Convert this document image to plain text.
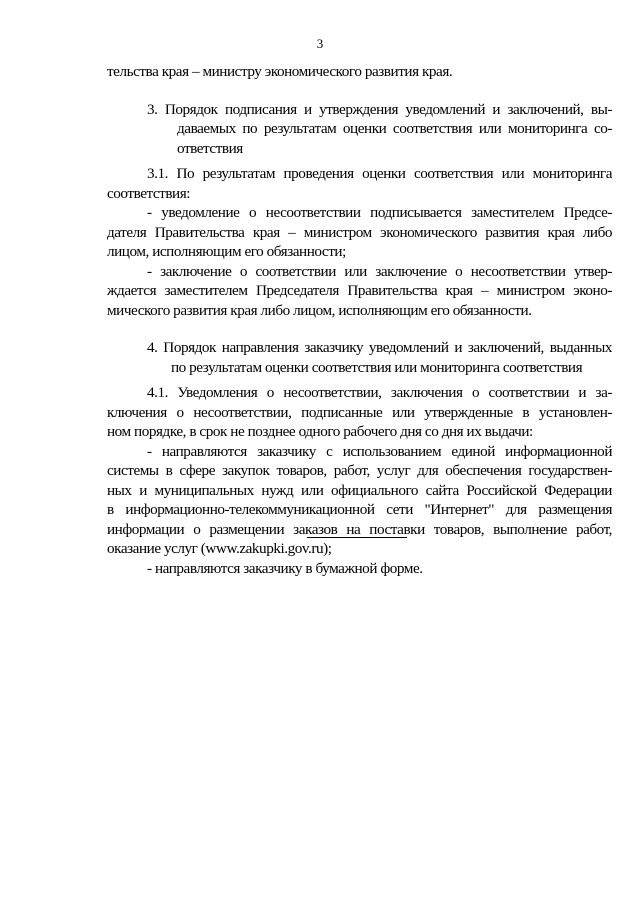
3
тельства края – министру экономического развития края.
3. Порядок подписания и утверждения уведомлений и заключений, вы-
даваемых по результатам оценки соответствия или мониторинга со-
ответствия
3.1. По результатам проведения оценки соответствия или мониторинга
соответствия:
- уведомление о несоответствии подписывается заместителем Предсе-
дателя Правительства края – министром экономического развития края либо
лицом, исполняющим его обязанности;
- заключение о соответствии или заключение о несоответствии утвер-
ждается заместителем Председателя Правительства края – министром эконо-
мического развития края либо лицом, исполняющим его обязанности.
4. Порядок направления заказчику уведомлений и заключений, выданных
по результатам оценки соответствия или мониторинга соответствия
4.1. Уведомления о несоответствии, заключения о соответствии и за-
ключения о несоответствии, подписанные или утвержденные в установлен-
ном порядке, в срок не позднее одного рабочего дня со дня их выдачи:
- направляются заказчику с использованием единой информационной
системы в сфере закупок товаров, работ, услуг для обеспечения государствен-
ных и муниципальных нужд или официального сайта Российской Федерации
в информационно-телекоммуникационной сети "Интернет" для размещения
информации о размещении заказов на поставки товаров, выполнение работ,
оказание услуг (www.zakupki.gov.ru);
- направляются заказчику в бумажной форме.
